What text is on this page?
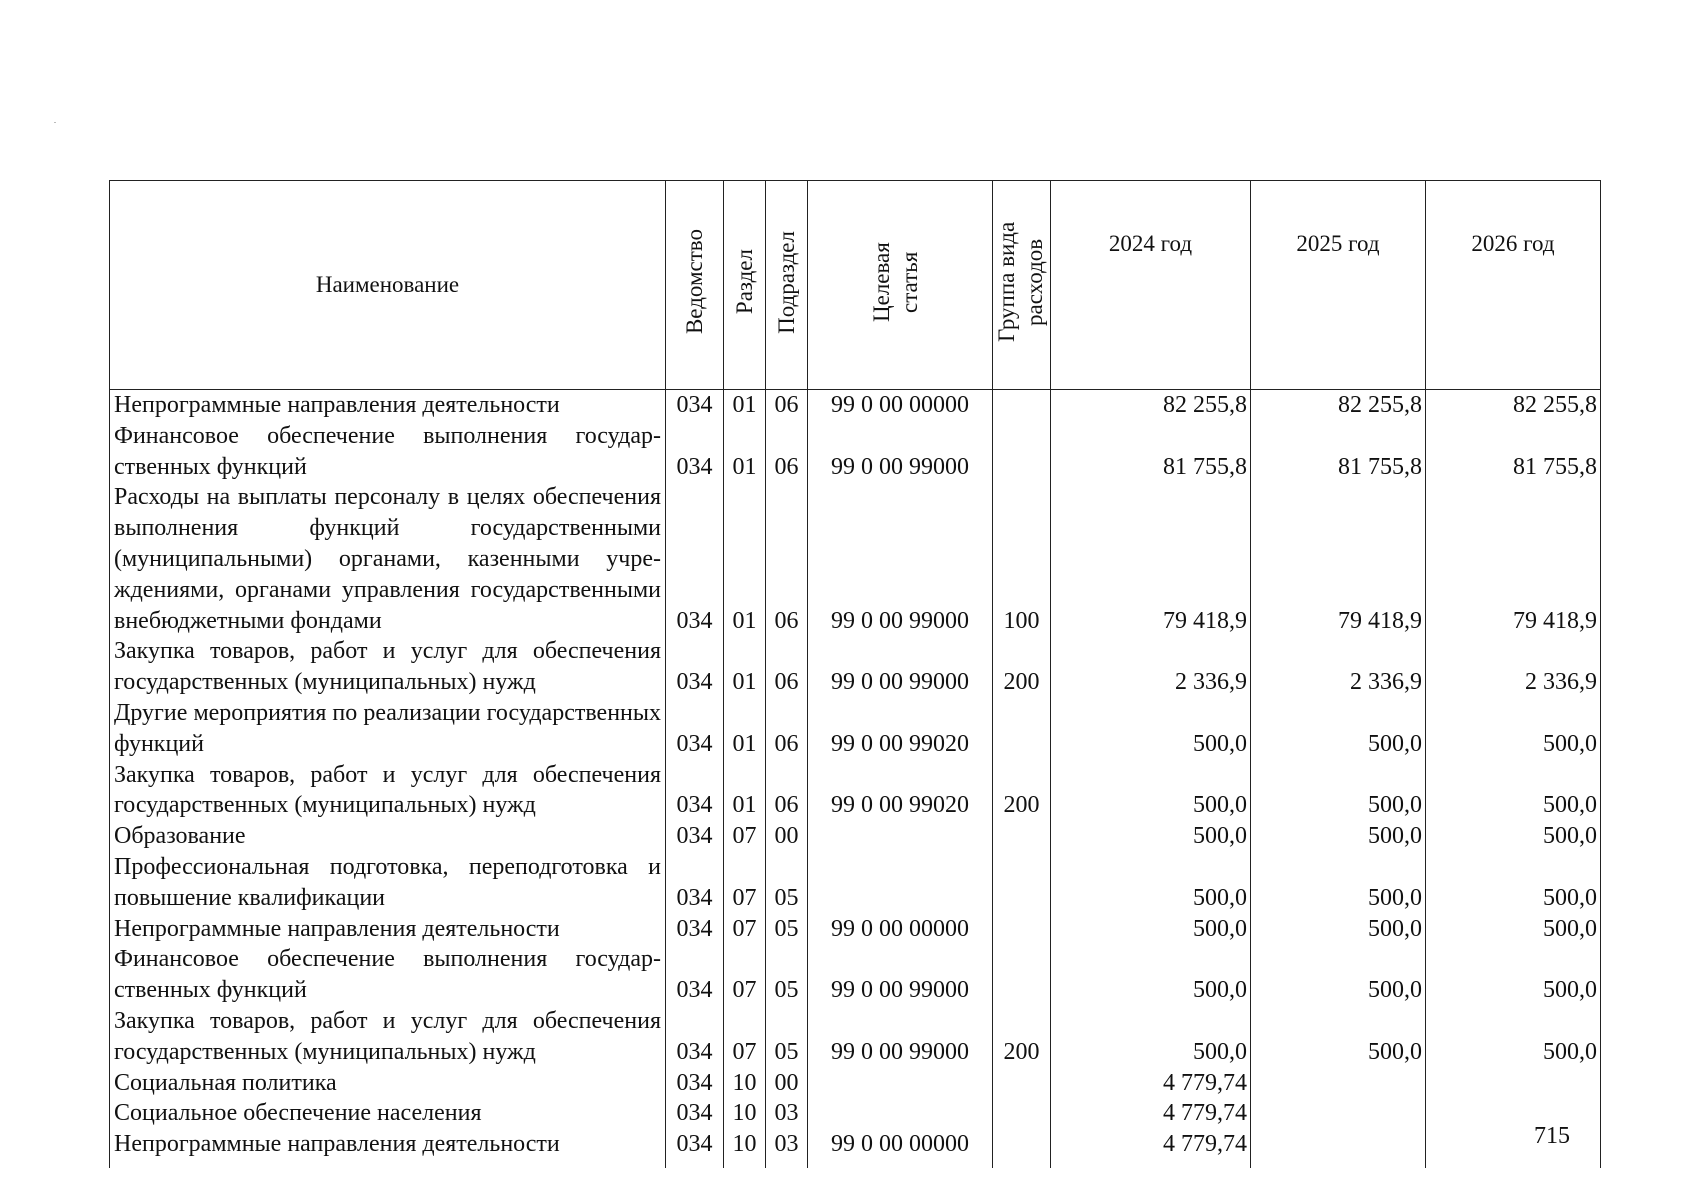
Наименование	Ведомство	Раздел	Подраздел	Целевая статья	Группа вида расходов	2024 год	2025 год	2026 год
Непрограммные направления деятельности	034	01	06	99 0 00 00000		82 255,8	82 255,8	82 255,8
Финансовое обеспечение выполнения государственных функций	034	01	06	99 0 00 99000		81 755,8	81 755,8	81 755,8
Расходы на выплаты персоналу в целях обеспечения выполнения функций государственными (муниципальными) органами, казенными учреждениями, органами управления государственными внебюджетными фондами	034	01	06	99 0 00 99000	100	79 418,9	79 418,9	79 418,9
Закупка товаров, работ и услуг для обеспечения государственных (муниципальных) нужд	034	01	06	99 0 00 99000	200	2 336,9	2 336,9	2 336,9
Другие мероприятия по реализации государственных функций	034	01	06	99 0 00 99020		500,0	500,0	500,0
Закупка товаров, работ и услуг для обеспечения государственных (муниципальных) нужд	034	01	06	99 0 00 99020	200	500,0	500,0	500,0
Образование	034	07	00			500,0	500,0	500,0
Профессиональная подготовка, переподготовка и повышение квалификации	034	07	05			500,0	500,0	500,0
Непрограммные направления деятельности	034	07	05	99 0 00 00000		500,0	500,0	500,0
Финансовое обеспечение выполнения государственных функций	034	07	05	99 0 00 99000		500,0	500,0	500,0
Закупка товаров, работ и услуг для обеспечения государственных (муниципальных) нужд	034	07	05	99 0 00 99000	200	500,0	500,0	500,0
Социальная политика	034	10	00			4 779,74		
Социальное обеспечение населения	034	10	03			4 779,74		
Непрограммные направления деятельности	034	10	03	99 0 00 00000		4 779,74			715
